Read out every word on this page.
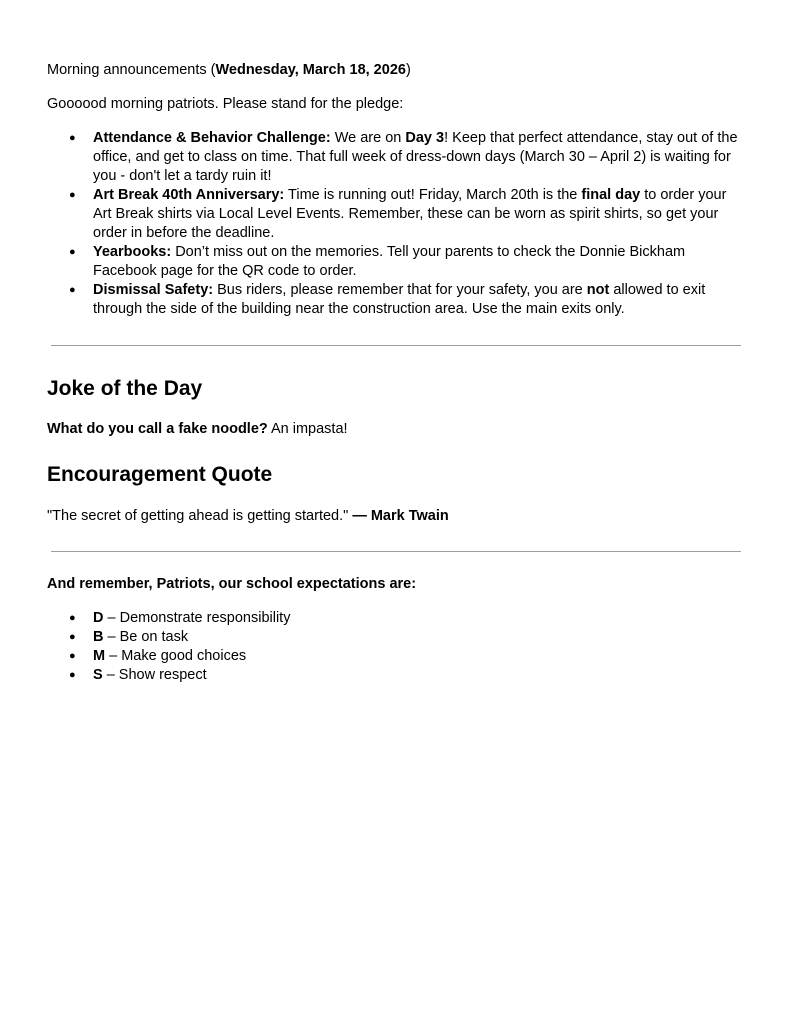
Morning announcements (Wednesday, March 18, 2026)
Goooood morning patriots. Please stand for the pledge:
● Attendance & Behavior Challenge: We are on Day 3! Keep that perfect attendance, stay out of the office, and get to class on time. That full week of dress-down days (March 30 – April 2) is waiting for you - don't let a tardy ruin it!
● Art Break 40th Anniversary: Time is running out! Friday, March 20th is the final day to order your Art Break shirts via Local Level Events. Remember, these can be worn as spirit shirts, so get your order in before the deadline.
● Yearbooks: Don’t miss out on the memories. Tell your parents to check the Donnie Bickham Facebook page for the QR code to order.
● Dismissal Safety: Bus riders, please remember that for your safety, you are not allowed to exit through the side of the building near the construction area. Use the main exits only.
Joke of the Day
What do you call a fake noodle? An impasta!
Encouragement Quote
"The secret of getting ahead is getting started." — Mark Twain
And remember, Patriots, our school expectations are:
● D – Demonstrate responsibility
● B – Be on task
● M – Make good choices
● S – Show respect
